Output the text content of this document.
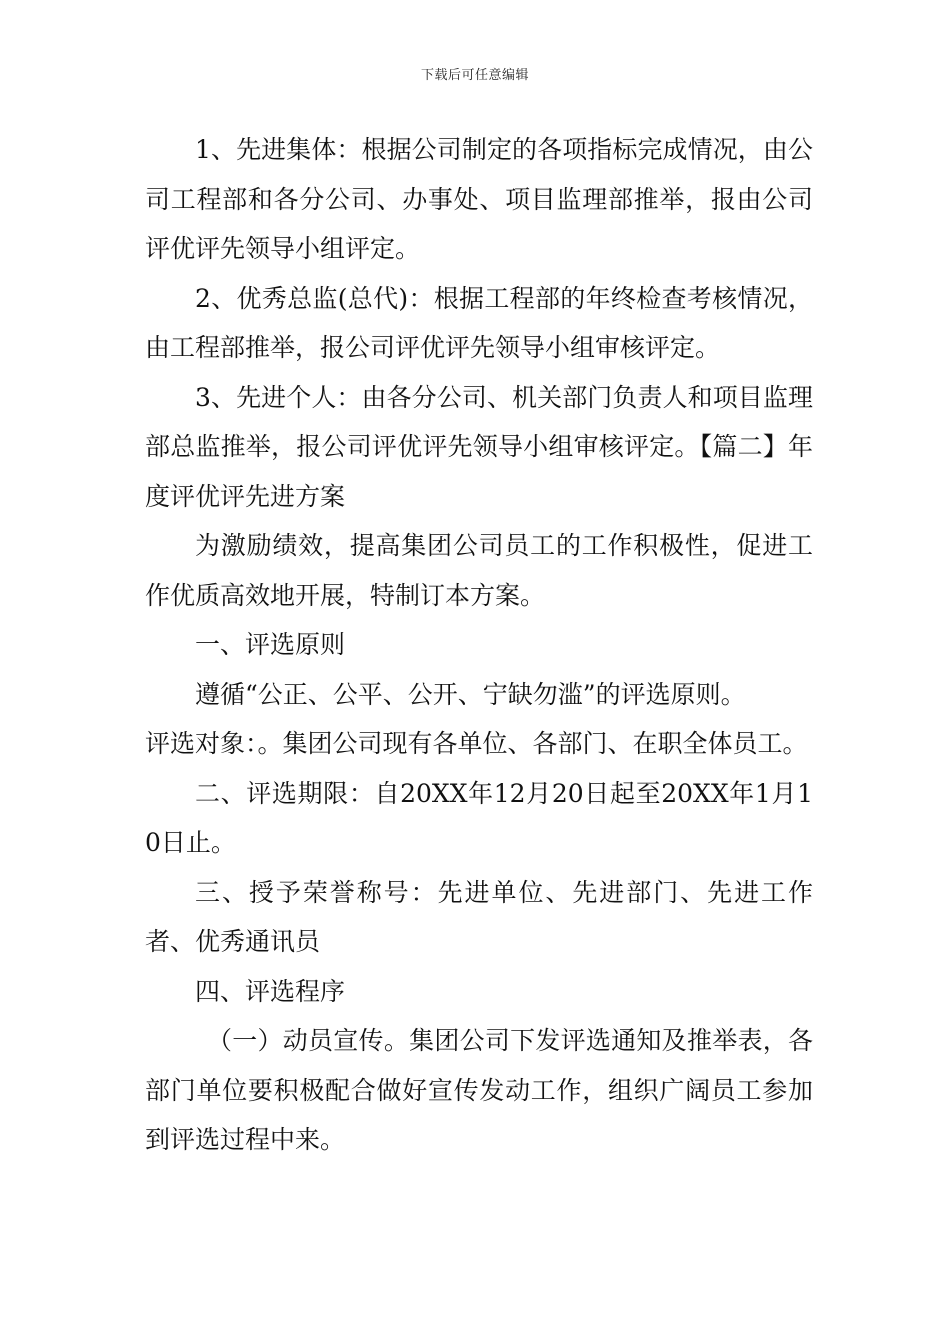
下载后可任意编辑

1、先进集体：根据公司制定的各项指标完成情况，由公司工程部和各分公司、办事处、项目监理部推举，报由公司评优评先领导小组评定。

2、优秀总监(总代)：根据工程部的年终检查考核情况，由工程部推举，报公司评优评先领导小组审核评定。

3、先进个人：由各分公司、机关部门负责人和项目监理部总监推举，报公司评优评先领导小组审核评定。【篇二】年度评优评先进方案

为激励绩效，提高集团公司员工的工作积极性，促进工作优质高效地开展，特制订本方案。

一、评选原则

遵循“公正、公平、公开、宁缺勿滥”的评选原则。

评选对象：。集团公司现有各单位、各部门、在职全体员工。

二、评选期限：自20XX年12月20日起至20XX年1月10日止。

三、授予荣誉称号：先进单位、先进部门、先进工作者、优秀通讯员

四、评选程序

（一）动员宣传。集团公司下发评选通知及推举表，各部门单位要积极配合做好宣传发动工作，组织广阔员工参加到评选过程中来。
